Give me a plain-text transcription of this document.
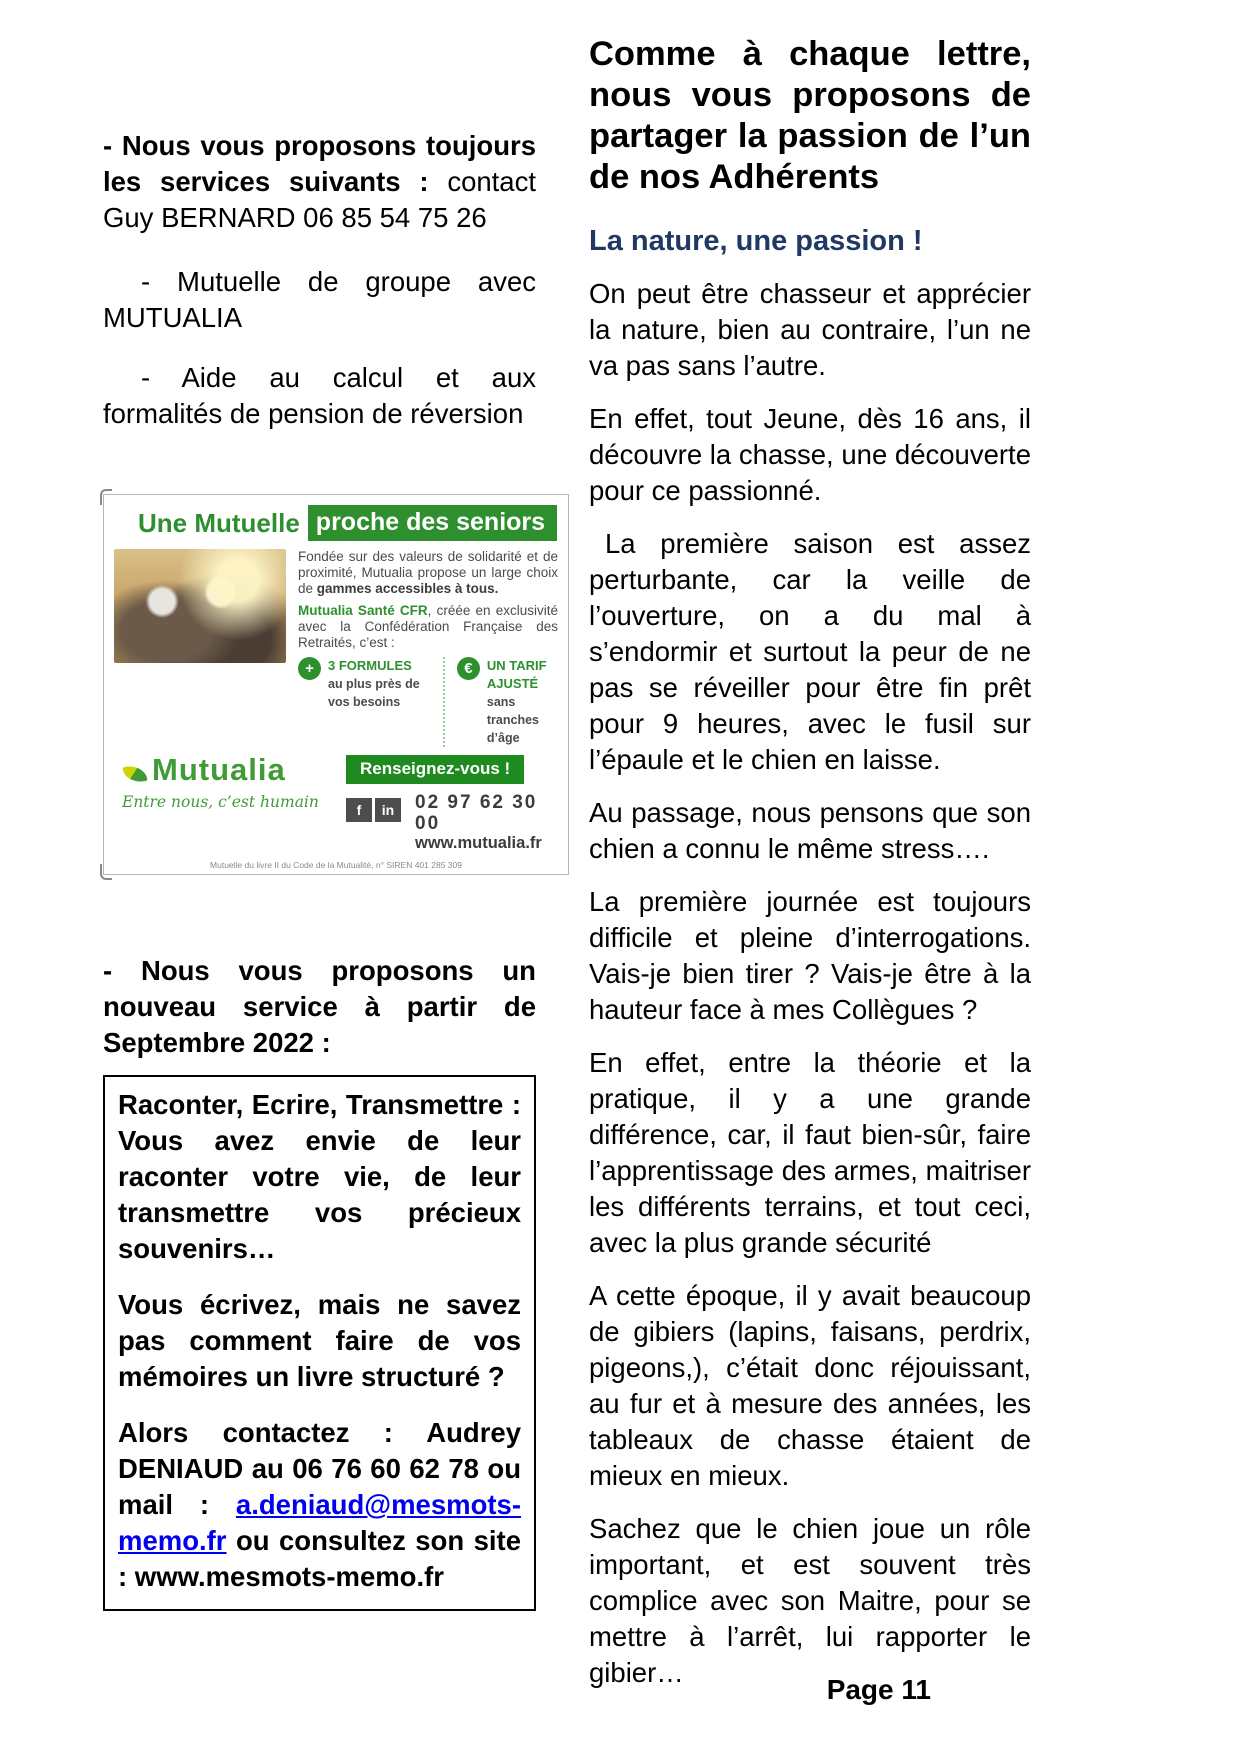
- Nous vous proposons toujours les services suivants : contact Guy BERNARD 06 85 54 75 26

- Mutuelle de groupe avec MUTUALIA

- Aide au calcul et aux formalités de pension de réversion

Une Mutuelle proche des seniors

Fondée sur des valeurs de solidarité et de proximité, Mutualia propose un large choix de gammes accessibles à tous.

Mutualia Santé CFR, créée en exclusivité avec la Confédération Française des Retraités, c’est :

+	3 FORMULES
au plus près de vos besoins
€	UN TARIF AJUSTÉ
sans tranches d’âge
Mutualia
Entre nous, c’est humain
Renseignez-vous !
f	in	02 97 62 30 00
www.mutualia.fr
Mutuelle du livre II du Code de la Mutualité, n° SIREN 401 285 309

- Nous vous proposons un nouveau service à partir de Septembre 2022 :

Raconter, Ecrire, Transmettre : Vous avez envie de leur raconter votre vie, de leur transmettre vos précieux souvenirs…

Vous écrivez, mais ne savez pas comment faire de vos mémoires un livre structuré ?

Alors contactez : Audrey DENIAUD au 06 76 60 62 78 ou mail : a.deniaud@mesmots-memo.fr ou consultez son site : www.mesmots-memo.fr

Comme à chaque lettre, nous vous proposons de partager la passion de l’un de nos Adhérents
La nature, une passion !

On peut être chasseur et apprécier la nature, bien au contraire, l’un ne va pas sans l’autre.

En effet, tout Jeune, dès 16 ans, il découvre la chasse, une découverte pour ce passionné.

La première saison est assez perturbante, car la veille de l’ouverture, on a du mal à s’endormir et surtout la peur de ne pas se réveiller pour être fin prêt pour 9 heures, avec le fusil sur l’épaule et le chien en laisse.

Au passage, nous pensons que son chien a connu le même stress….

La première journée est toujours difficile et pleine d’interrogations. Vais-je bien tirer ? Vais-je être à la hauteur face à mes Collègues ?

En effet, entre la théorie et la pratique, il y a une grande différence, car, il faut bien-sûr, faire l’apprentissage des armes, maitriser les différents terrains, et tout ceci, avec la plus grande sécurité

A cette époque, il y avait beaucoup de gibiers (lapins, faisans, perdrix, pigeons,), c’était donc réjouissant, au fur et à mesure des années, les tableaux de chasse étaient de mieux en mieux.

Sachez que le chien joue un rôle important, et est souvent très complice avec son Maitre, pour se mettre à l’arrêt, lui rapporter le gibier…

Page 11
